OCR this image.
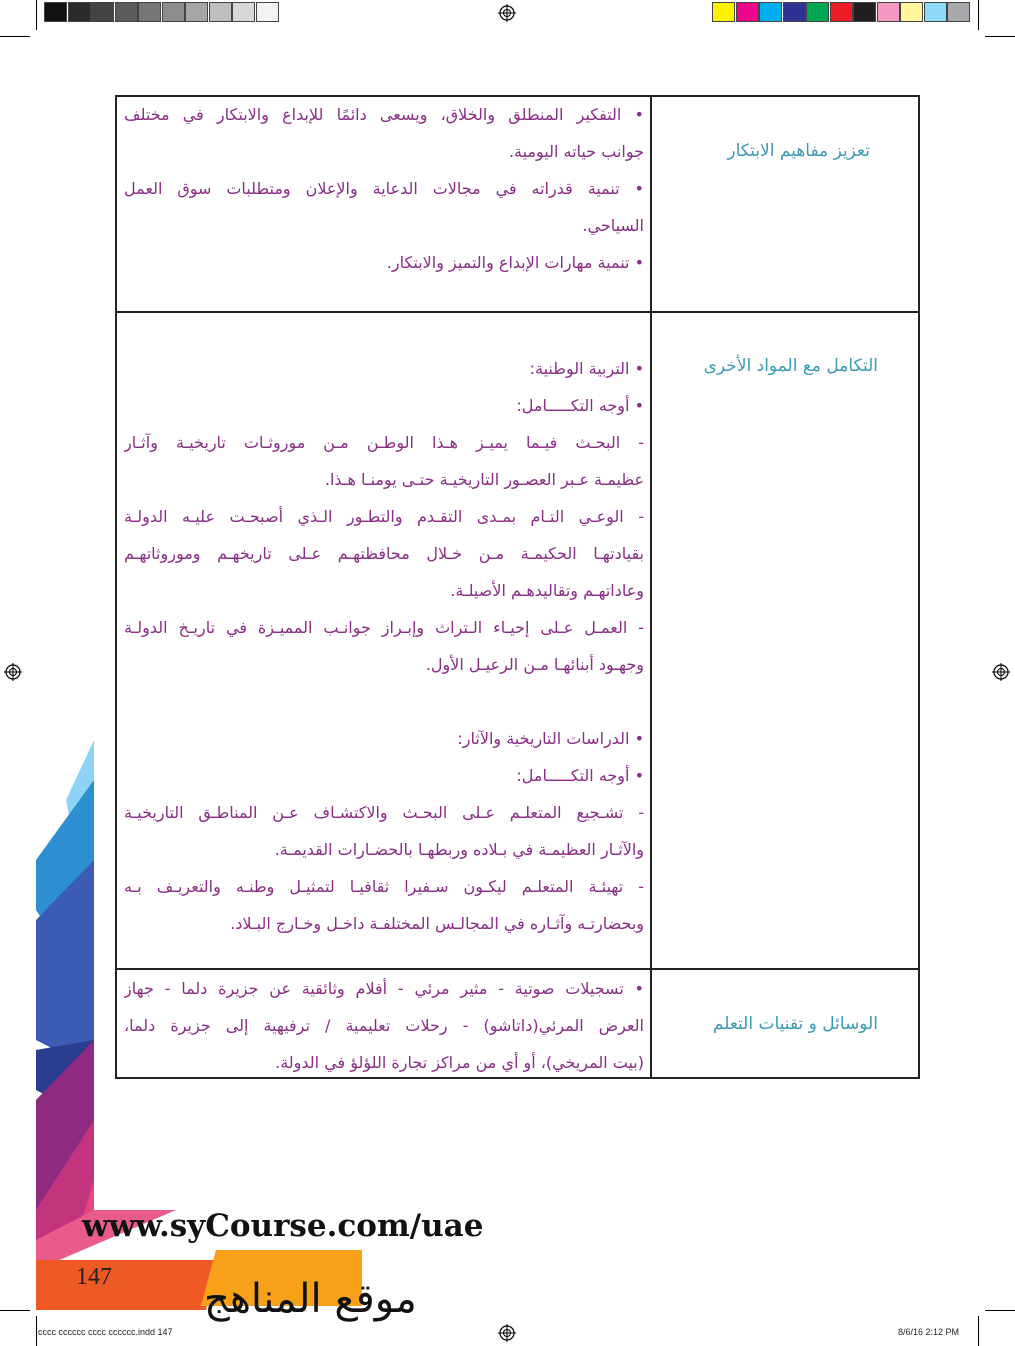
تعزيز مفاهيم الابتكار
• التفكير المنطلق والخلاق، ويسعى دائمًا للإبداع والابتكار في مختلف
جوانب حياته اليومية.
• تنمية قدراته في مجالات الدعاية والإعلان ومتطلبات سوق العمل
السياحي.
• تنمية مهارات الإبداع والتميز والابتكار.
التكامل مع المواد الأخرى
• التربية الوطنية:
• أوجه التكـــــامل:
- البحـث فيـما يميـز هـذا الوطـن مـن موروثـات تاريخيـة وآثـار
عظيمـة عـبر العصـور التاريخيـة حتـى يومنـا هـذا.
- الوعـي التـام بمـدى التقـدم والتطـور الـذي أصبحـت عليـه الدولـة
بقيادتهـا الحكيمـة مـن خـلال محافظتهـم عـلى تاريخهـم وموروثاتهـم
وعاداتهـم وتقاليدهـم الأصيلـة.
- العمـل عـلى إحيـاء الـتراث وإبـراز جوانـب المميـزة في تاريـخ الدولـة
وجهـود أبنائهـا مـن الرعيـل الأول.
• الدراسات التاريخية والآثار:
• أوجه التكـــــامل:
- تشـجيع المتعلـم عـلى البحـث والاكتشـاف عـن المناطـق التاريخيـة
والآثـار العظيمـة في بـلاده وربطهـا بالحضـارات القديمـة.
- تهيئـة المتعلـم ليكـون سـفيرا ثقافيـا لتمثيـل وطنـه والتعريـف بـه
وبحضارتـه وآثـاره في المجالـس المختلفـة داخـل وخـارج البـلاد.
الوسائل و تقنيات التعلم
• تسجيلات صوتية - مثير مرئي - أفلام وثائقية عن جزيرة دلما - جهاز
العرض المرئي(داتاشو) - رحلات تعليمية / ترفيهية إلى جزيرة دلما،
(بيت المريخي)، أو أي من مراكز تجارة اللؤلؤ في الدولة.
www.syCourse.com/uae
147 موقع المناهج
cccc cccccc cccc cccccc.indd 147	8/6/16 2:12 PM
